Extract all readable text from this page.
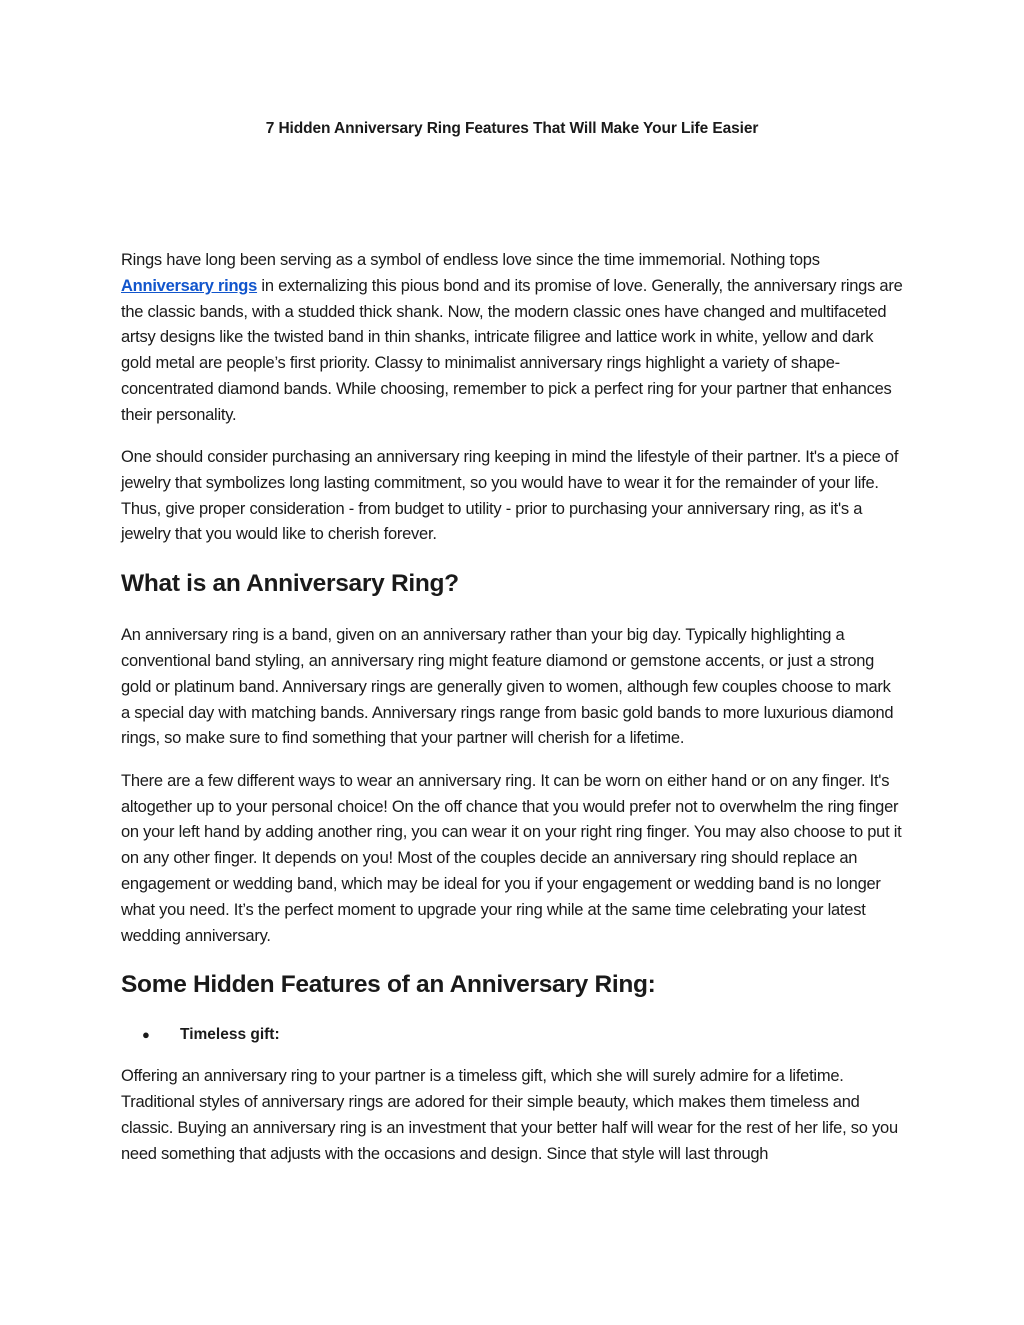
7 Hidden Anniversary Ring Features That Will Make Your Life Easier

Rings have long been serving as a symbol of endless love since the time immemorial. Nothing tops Anniversary rings in externalizing this pious bond and its promise of love. Generally, the anniversary rings are the classic bands, with a studded thick shank. Now, the modern classic ones have changed and multifaceted artsy designs like the twisted band in thin shanks, intricate filigree and lattice work in white, yellow and dark gold metal are people’s first priority. Classy to minimalist anniversary rings highlight a variety of shape-concentrated diamond bands. While choosing, remember to pick a perfect ring for your partner that enhances their personality.

One should consider purchasing an anniversary ring keeping in mind the lifestyle of their partner. It's a piece of jewelry that symbolizes long lasting commitment, so you would have to wear it for the remainder of your life. Thus, give proper consideration - from budget to utility - prior to purchasing your anniversary ring, as it's a jewelry that you would like to cherish forever.

What is an Anniversary Ring?

An anniversary ring is a band, given on an anniversary rather than your big day. Typically highlighting a conventional band styling, an anniversary ring might feature diamond or gemstone accents, or just a strong gold or platinum band. Anniversary rings are generally given to women, although few couples choose to mark a special day with matching bands. Anniversary rings range from basic gold bands to more luxurious diamond rings, so make sure to find something that your partner will cherish for a lifetime.

There are a few different ways to wear an anniversary ring. It can be worn on either hand or on any finger. It's altogether up to your personal choice! On the off chance that you would prefer not to overwhelm the ring finger on your left hand by adding another ring, you can wear it on your right ring finger. You may also choose to put it on any other finger. It depends on you! Most of the couples decide an anniversary ring should replace an engagement or wedding band, which may be ideal for you if your engagement or wedding band is no longer what you need. It’s the perfect moment to upgrade your ring while at the same time celebrating your latest wedding anniversary.

Some Hidden Features of an Anniversary Ring:
● Timeless gift:

Offering an anniversary ring to your partner is a timeless gift, which she will surely admire for a lifetime. Traditional styles of anniversary rings are adored for their simple beauty, which makes them timeless and classic. Buying an anniversary ring is an investment that your better half will wear for the rest of her life, so you need something that adjusts with the occasions and design. Since that style will last through
